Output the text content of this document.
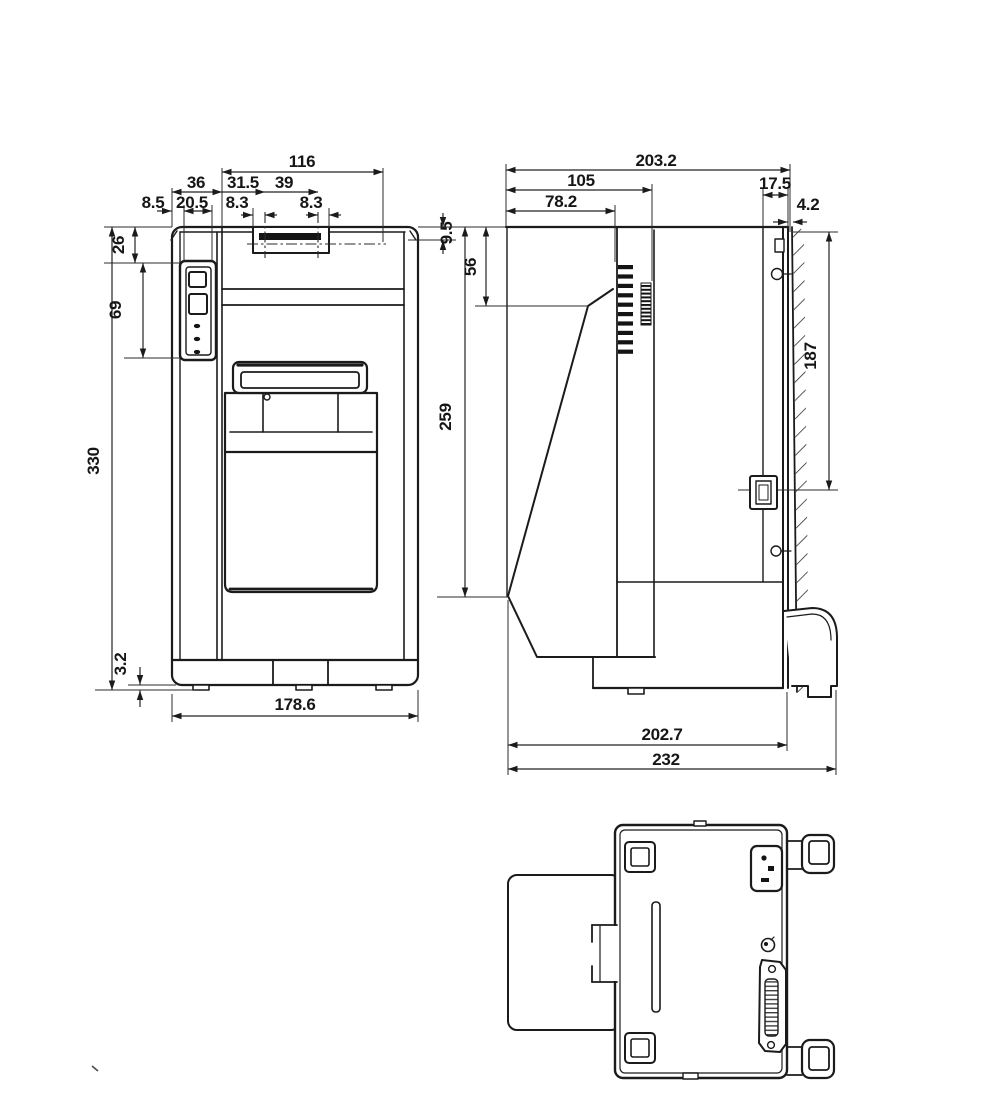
116
36 31.5 39
8.5 20.5 8.3	8.3
26
69
330
3.2
178.6
9.5
203.2
105
78.2
17.5
4.2
56
259
187
202.7
232
